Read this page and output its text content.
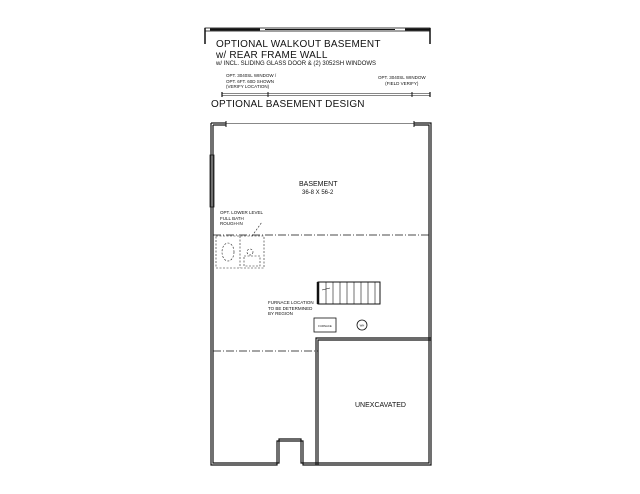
OPTIONAL WALKOUT BASEMENT
w/ REAR FRAME WALL
w/ INCL. SLIDING GLASS DOOR & (2) 3052SH WINDOWS
OPT. 3040SL WINDOW /
OPT. 6FT. 60D SHOWN
(VERIFY LOCATION)
OPT. 3040SL WINDOW
(FIELD VERIFY)
OPTIONAL BASEMENT DESIGN
BASEMENT
36-8 X 56-2
OPT. LOWER LEVEL
FULL BATH
ROUGH-IN
FURNACE LOCATION
TO BE DETERMINED
BY REGION
UNEXCAVATED
FURNACE	WH
